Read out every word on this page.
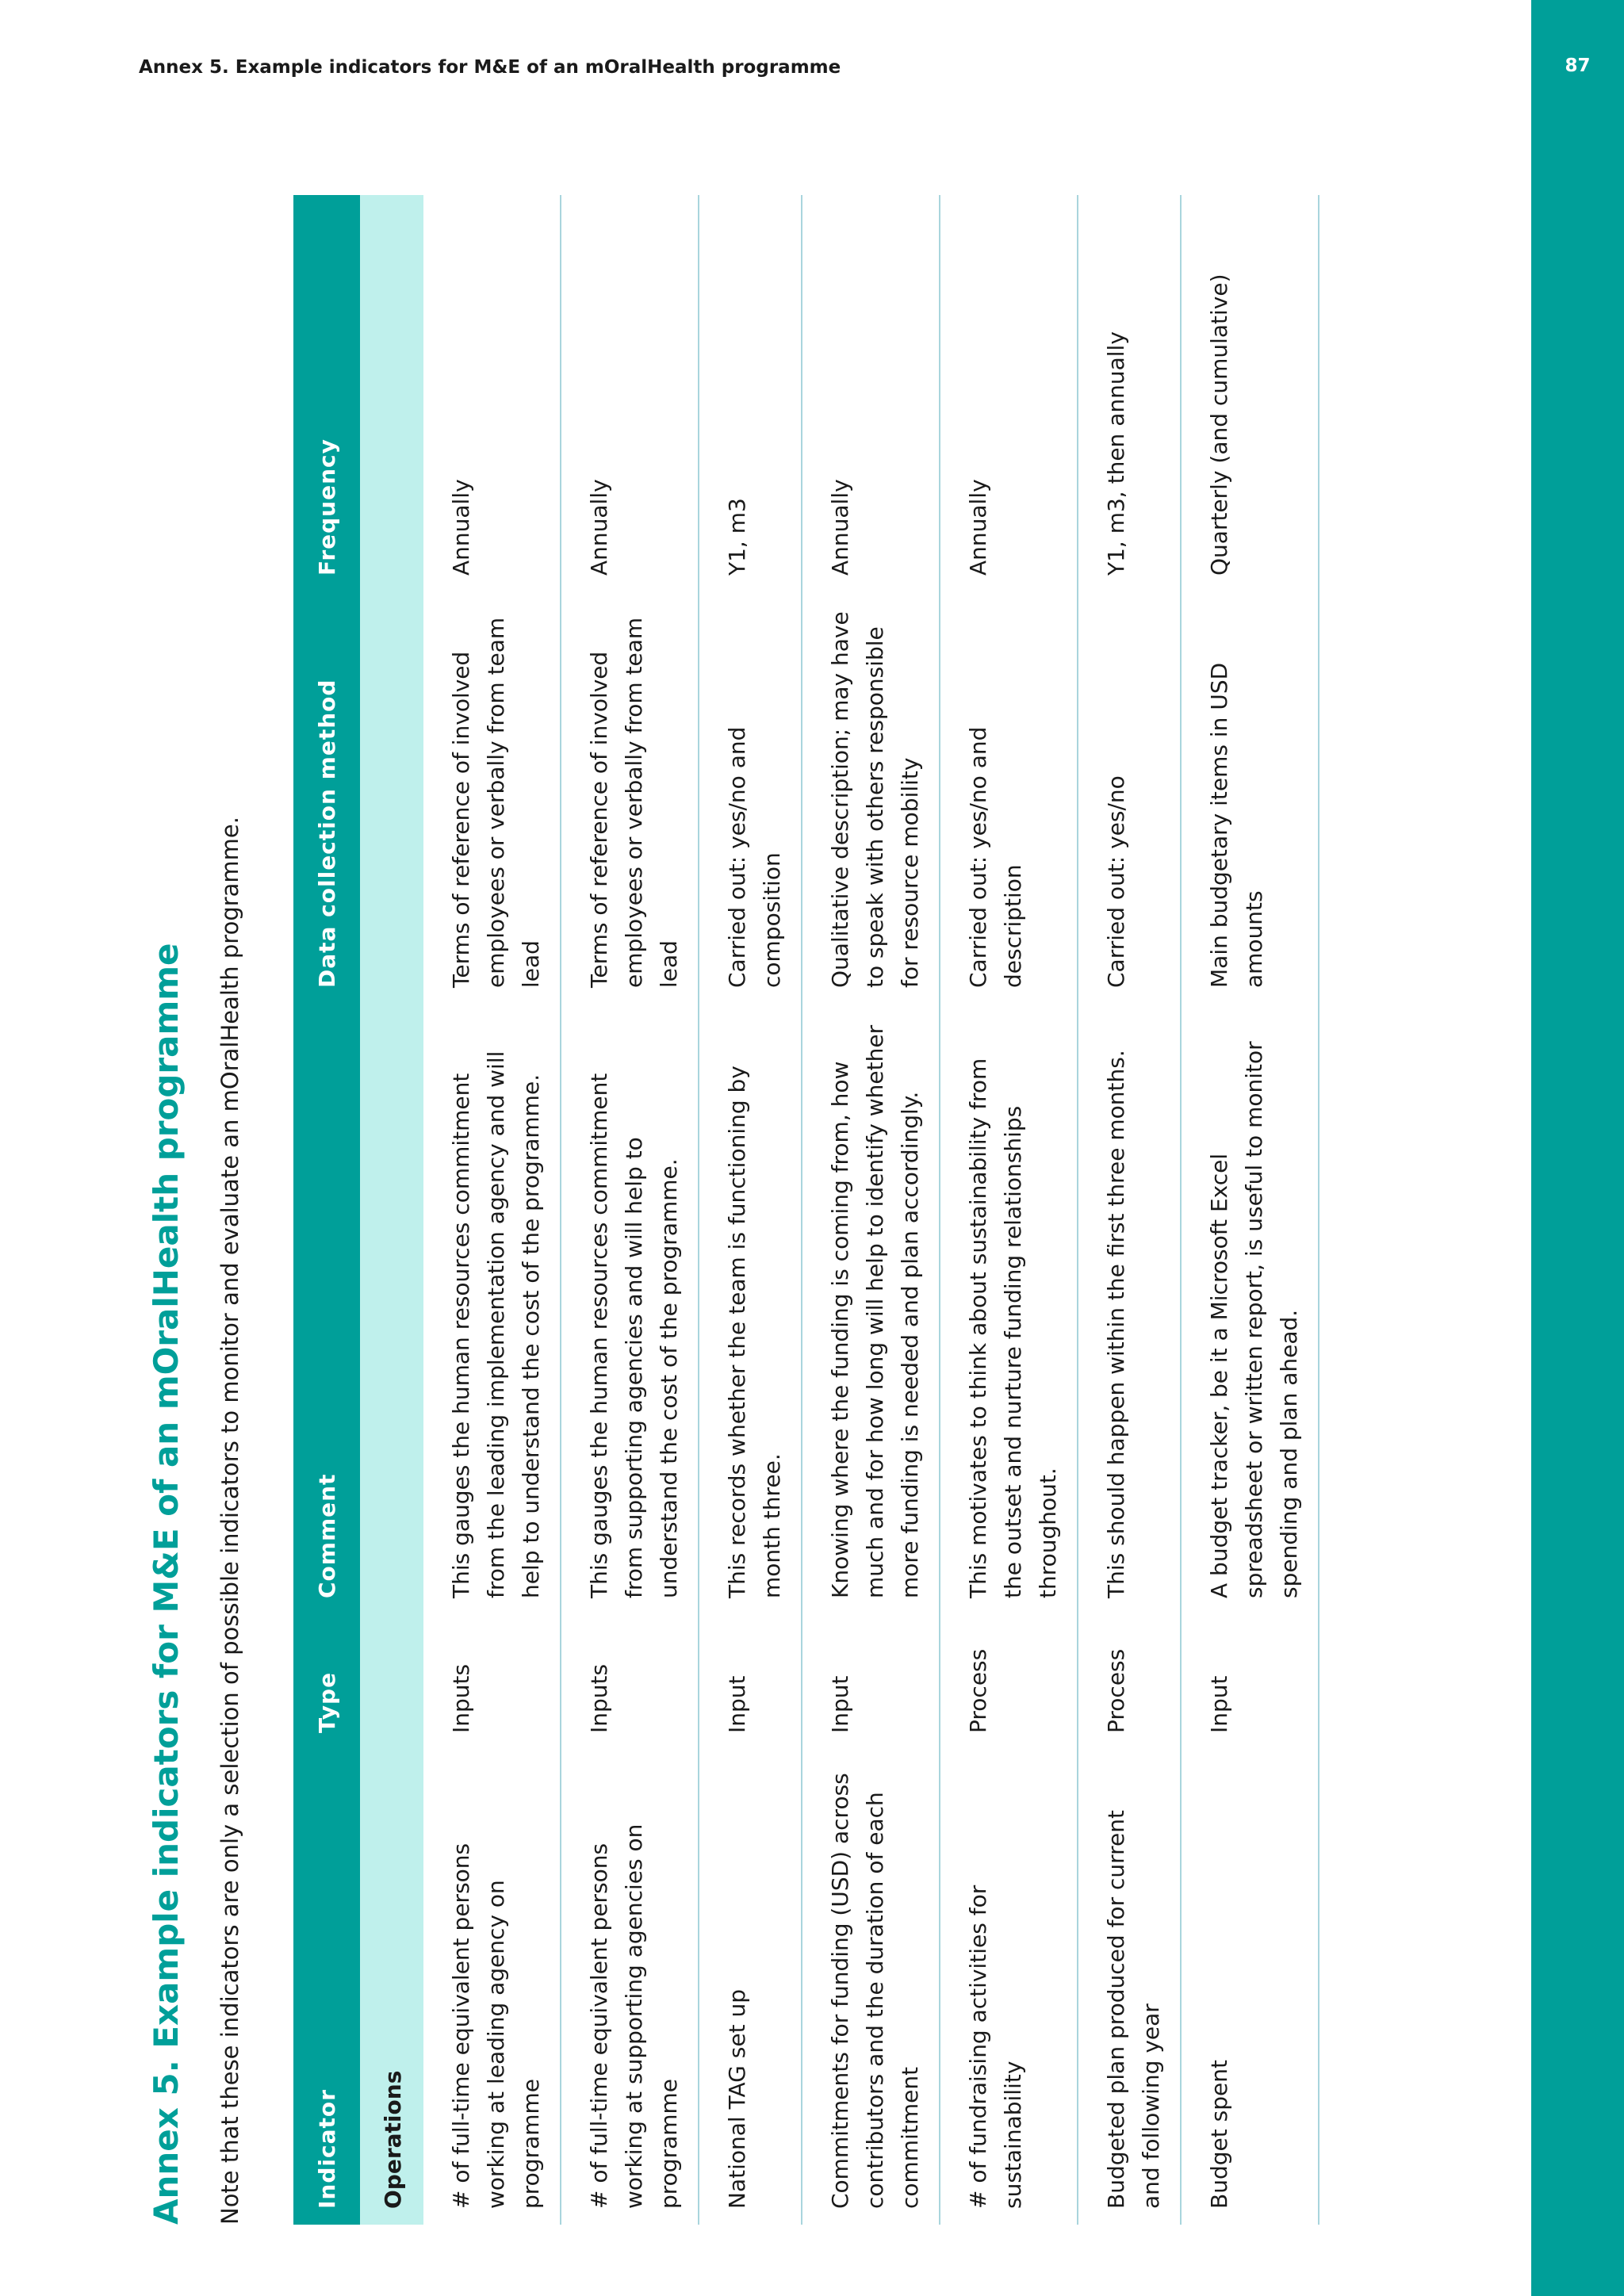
Annex 5. Example indicators for M&E of an mOralHealth programme	87
Annex 5. Example indicators for M&E of an mOralHealth programme Note that these indicators are only a selection of possible indicators to monitor and evaluate an mOralHealth programme.	Indicator	Type	Comment	Data collection method	Frequency
Operations				
# of full-time equivalent persons working at leading agency on programme	Inputs	This gauges the human resources commitment from the leading implementation agency and will help to understand the cost of the programme.	Terms of reference of involved employees or verbally from team lead	Annually
# of full-time equivalent persons working at supporting agencies on programme	Inputs	This gauges the human resources commitment from supporting agencies and will help to understand the cost of the programme.	Terms of reference of involved employees or verbally from team lead	Annually
National TAG set up	Input	This records whether the team is functioning by month three.	Carried out: yes/no and composition	Y1, m3
Commitments for funding (USD) across contributors and the duration of each commitment	Input	Knowing where the funding is coming from, how much and for how long will help to identify whether more funding is needed and plan accordingly.	Qualitative description; may have to speak with others responsible for resource mobility	Annually
# of fundraising activities for sustainability	Process	This motivates to think about sustainability from the outset and nurture funding relationships throughout.	Carried out: yes/no and description	Annually
Budgeted plan produced for current and following year	Process	This should happen within the first three months.	Carried out: yes/no	Y1, m3, then annually
Budget spent	Input	A budget tracker, be it a Microsoft Excel spreadsheet or written report, is useful to monitor spending and plan ahead.	Main budgetary items in USD amounts	Quarterly (and cumulative)
